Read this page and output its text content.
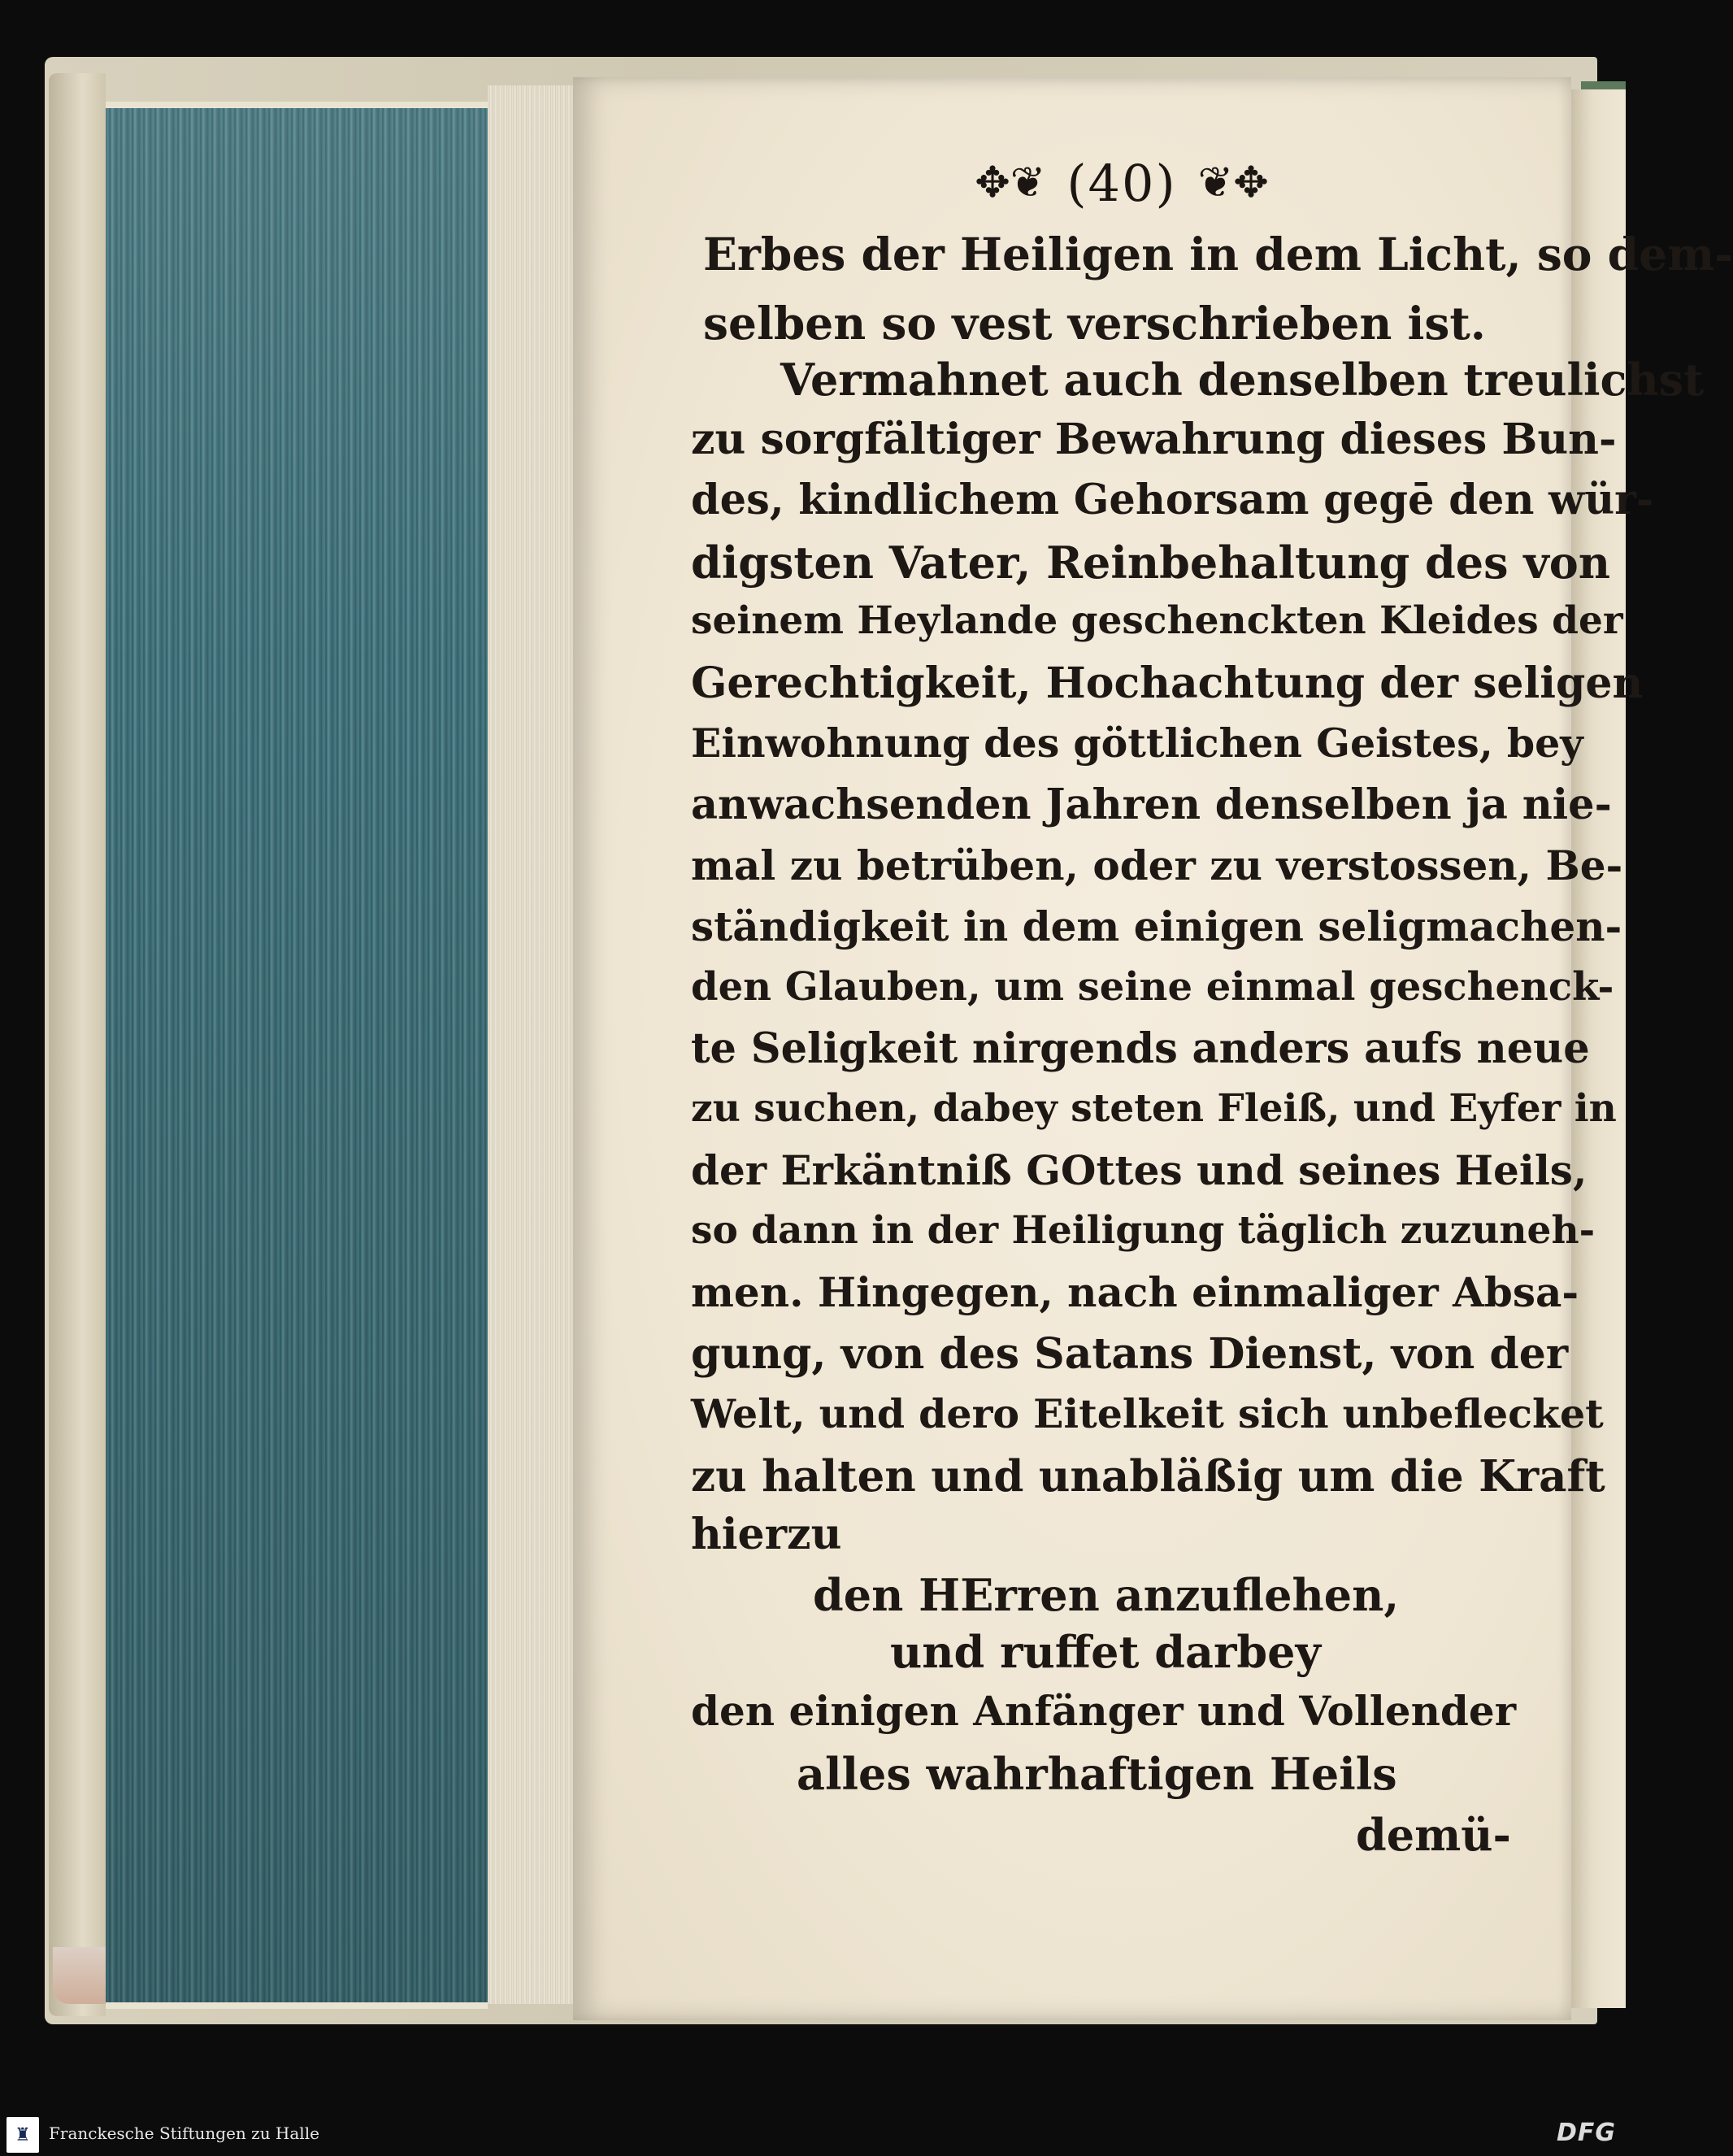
✥❦ (40) ❦✥
Erbes der Heiligen in dem Licht, so dem-
selben so vest verschrieben ist.
Vermahnet auch denselben treulichst
zu sorgfältiger Bewahrung dieses Bun-
des, kindlichem Gehorsam gegē den wür-
digsten Vater, Reinbehaltung des von
seinem Heylande geschenckten Kleides der
Gerechtigkeit, Hochachtung der seligen
Einwohnung des göttlichen Geistes, bey
anwachsenden Jahren denselben ja nie-
mal zu betrüben, oder zu verstossen, Be-
ständigkeit in dem einigen seligmachen-
den Glauben, um seine einmal geschenck-
te Seligkeit nirgends anders aufs neue
zu suchen, dabey steten Fleiß, und Eyfer in
der Erkäntniß GOttes und seines Heils,
so dann in der Heiligung täglich zuzuneh-
men. Hingegen, nach einmaliger Absa-
gung, von des Satans Dienst, von der
Welt, und dero Eitelkeit sich unbeflecket
zu halten und unabläßig um die Kraft
hierzu
den HErren anzuflehen,
und ruffet darbey
den einigen Anfänger und Vollender
alles wahrhaftigen Heils
demü-
♜	Franckesche Stiftungen zu Halle	DFG
